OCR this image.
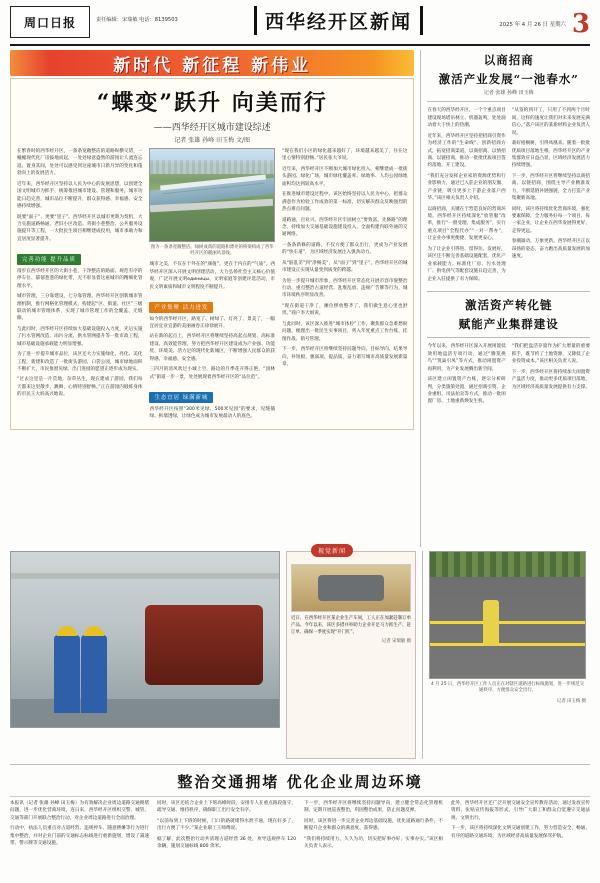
周口日报	责任编辑：宋瑞敏 电话：8139503	西华经开区新闻	2025 年 4 月 26 日 星期六 3
新时代 新征程 新伟业
“蝶变”跃升 向美而行
——西华经开区城市建设综述
记者 张雄 孙峰 田玉梅 文/图

在繁春时的西华经开区，一条条宽敞整洁的道路纵横交错，一幢幢现代化厂房拔地而起，一处处绿意盎然的游园让人流连忘返。置身其间，处处可以感受到这座城市日新月异的变化和蓬勃向上的发展活力。

近年来，西华经开区坚持以人民为中心的发展思想，以创建全国文明城市为抓手，统筹推进城市建设、管理和服务，城市功能日趋完善，城市品位不断提升，群众获得感、幸福感、安全感持续增强。

既要“面子”，更要“里子”。西华经开区以城市更新为契机，大力实施道路畅通、老旧小区改造、背街小巷整治、公共服务设施提升等工程，一大批民生项目相继建成投用，城市承载力和宜居度显著提升。

完善功能 提升品质

漫步在西华经开区的大街小巷，干净整洁的路面、规范有序的停车位、郁郁葱葱的绿化带，无不彰显着这座城市的精细化管理水平。

城市管理，三分靠建设，七分靠管理。西华经开区创新城市管理机制，推行网格化管理模式，构建起“区、街道、社区”三级联动的城市管理体系，实现了城市管理工作的全覆盖、无缝隙。

与此同时，西华经开区持续加大基础设施投入力度，先后实施了污水管网改造、雨污分流、供水管网提升等一批市政工程，城市基础设施承载能力明显增强。

为了进一步提升城市品位，该区还大力实施绿化、亮化、美化工程，新建和改造了一批街头游园、口袋公园，城市绿地面积不断扩大，市民推窗见绿、出门进园的愿望正逐步成为现实。

“过去这里是一片荒地，杂草丛生，现在建成了游园，我们每天都来这里散步、跳舞，心情特别舒畅。”正在游园内锻炼身体的市民王大妈高兴地说。

图为一条条宽敞整洁、绿树成荫的道路和漂亮的桥梁构成了西华经开区的靓丽风景线。

城市之美，不仅在于外在的“颜值”，更在于内在的“气质”。西华经开区深入开展文明创建活动，大力弘扬社会主义核心价值观，广泛开展文明единицы、文明家庭等创建评选活动，市民文明素质和城市文明程度不断提升。

产业集聚 活力迸发

如今的西华经开区，路宽了、树绿了、灯亮了、景美了，一幅宜居宜业宜游的美丽画卷正徐徐展开。

站在新的起点上，西华经开区将继续坚持高起点规划、高标准建设、高效能管理，努力把西华经开区建设成为产业强、功能优、环境美、活力足的现代化新城区，不断增强人民群众的获得感、幸福感、安全感。

三四月的清风吹过小城上空，路边的月季花开得正艳，“园林式”街道一步一景，处处展现着西华经开区的“品位范”。

生态宜居 绿满新城

西华经开区按照“300米见绿、500米见园”的要求，见缝插绿、拆墙透绿，让绿色成为城市发展最动人的底色。

“现在我们小区的绿化越来越好了，环境越来越美了，住在这里心情特别舒畅。”居民张大爷说。

近年来，西华经开区不断加大城市绿化投入，相继建成一批街头游园、绿化广场，城市绿化覆盖率、绿地率、人均公园绿地面积均达到较高水平。

在推进城市建设过程中，该区始终坚持以人民为中心，把群众满意作为检验工作成效的第一标准，切实解决群众反映强烈的热点难点问题。

道路通，百业兴。西华经开区牢固树立“要致富、先修路”的理念，持续加大交通基础设施建设投入，全面构建内联外通的交通网络。

一条条新修的道路，不仅方便了群众出行，更成为产业发展的“快车道”，为区域经济发展注入强劲动力。

从“脏乱差”到“净畅美”，从“面子”到“里子”，西华经开区的城市建设正实现从量变到质变的跨越。

为进一步提升城市形象，西华经开区常态化开展市容市貌整治行动，重点整治占道经营、乱堆乱放、违规广告牌等行为，城市环境秩序明显改善。

“现在街道干净了，摊位摆放整齐了，我们做生意心里也舒坦。”商户李大姐说。

与此同时，该区深入推进“城市体检”工作，聚焦群众急难愁盼问题，梳理出一批民生实事项目，列入年度重点工作台账，挂图作战、销号管理。

下一步，西华经开区将继续坚持问题导向、目标导向、结果导向，补短板、强弱项、提品质，奋力谱写城市高质量发展新篇章。

以商招商
激活产业发展“一池春水”
记者 张雄 孙峰 田玉梅

在春天的西华经开区，一个个重点项目建设现场塔吊林立、机器轰鸣，处处涌动着大干快上的热潮。

近年来，西华经开区坚持把招商引资作为经济工作的“生命线”，创新招商方式，拓宽招商渠道，以商招商、以情招商、以链招商，推动一批批优质项目签约落地、开工建设。

“我们充分发挥企业家的资源优势和行业影响力，通过已入驻企业的朋友圈、产业链，吸引更多上下游企业落户西华。”该区相关负责人介绍。

以商招商，关键在于营造良好的营商环境。西华经开区持续深化“放管服”改革，推行“一窗受理、集成服务”，实行重点项目“全程代办”“一对一帮办”，让企业办事更便捷、发展更安心。

为了让企业引得进、留得住、发展好，该区还不断完善基础设施配套，优化产业承载能力。标准化厂房、污水处理厂、供电供气等配套设施日趋完善，为企业入驻提供了有力保障。

“从签约到开工，只用了不到两个月时间，这样的速度让我们对未来发展充满信心。”落户该区的某新材料企业负责人说。

栽好梧桐树，引得凤凰来。随着一批批优质项目落地生根，西华经开区的产业集群效应日益凸显，区域经济发展活力持续增强。

下一步，西华经开区将继续坚持以商招商、以链招商，围绕主导产业精准发力，不断延链补链强链，全力打造产业集聚新高地。

同时，该区将持续优化营商环境，强化要素保障，全力服务好每一个项目、每一家企业，让企业在西华发展得更好、走得更远。

春潮涌动，万象更新。西华经开区正以昂扬的姿态，奋力跑出高质量发展的加速度。

激活资产转化链
赋能产业集群建设

今年以来，西华经开区深入开展闲置低效用地盘活专项行动，通过“腾笼换鸟”“筑巢引凤”等方式，推动闲置资产再利用，为产业发展腾出新空间。

该区建立闲置资产台账，逐宗分析研判，分类施策处置，通过招商引资、企业重组、司法拍卖等方式，推动一批闲置厂房、土地重新焕发生机。

“我们把盘活存量作为扩大增量的重要抓手，既节约了土地资源，又降低了企业投资成本。”该区相关负责人说。

下一步，西华经开区将持续加大闲置资产盘活力度，推动更多优质项目落地，为区域经济高质量发展提供有力支撑。

视觉新闻
近日，在西华经开区某企业生产车间，工人正在加紧赶制订单产品。今年以来，该区多措并举助力企业开足马力抓生产、赶订单，确保一季度实现“开门红”。
记者 宋瑞敏 摄
4 月 25 日，西华经开区工作人员正在对辖区道路进行标线施划，进一步规范交通秩序、方便群众安全出行。
记者 田玉梅 摄
整治交通拥堵 优化企业周边环境

本报讯（记者 张雄 孙峰 田玉梅）为有效解决企业周边道路交通拥堵问题，进一步优化营商环境，连日来，西华经开区组织交警、城管、交通等部门开展联合整治行动，对企业周边道路进行全面治理。

行动中，执法人员重点对占道经营、违规停车、随意摆摊等行为进行集中整治，并对企业门前的交通标志标线进行重新施划，增设了减速带、警示牌等交通设施。

同时，该区还结合企业上下班高峰时段，安排专人在重点路段值守，疏导交通、维持秩序，确保职工出行安全有序。

“以前每到上下班的时候，门口的路就堵得水泄不通，现在好多了，出行方便了不少。”某企业职工王师傅说。

据了解，此次整治行动共清理占道经营 36 处，劝导违规停车 120 余辆，施划交通标线 800 余米。

下一步，西华经开区将继续坚持问题导向，建立健全常态化管理机制，定期开展巡查整治，巩固整治成果，防止问题反弹。

同时，该区将进一步完善企业周边基础设施，优化道路通行条件，不断提升企业和群众的满意度、获得感。

“我们将持续用力、久久为功，切实把好事办好、实事办实。”该区相关负责人表示。

此外，西华经开区还广泛开展交通安全宣传教育活动，通过发放宣传资料、张贴宣传海报等形式，引导广大职工和群众自觉遵守交通法规、文明出行。

下一步，该区将持续深化文明交通创建工作，努力营造安全、畅通、有序的道路交通环境，为区域经济高质量发展保驾护航。
